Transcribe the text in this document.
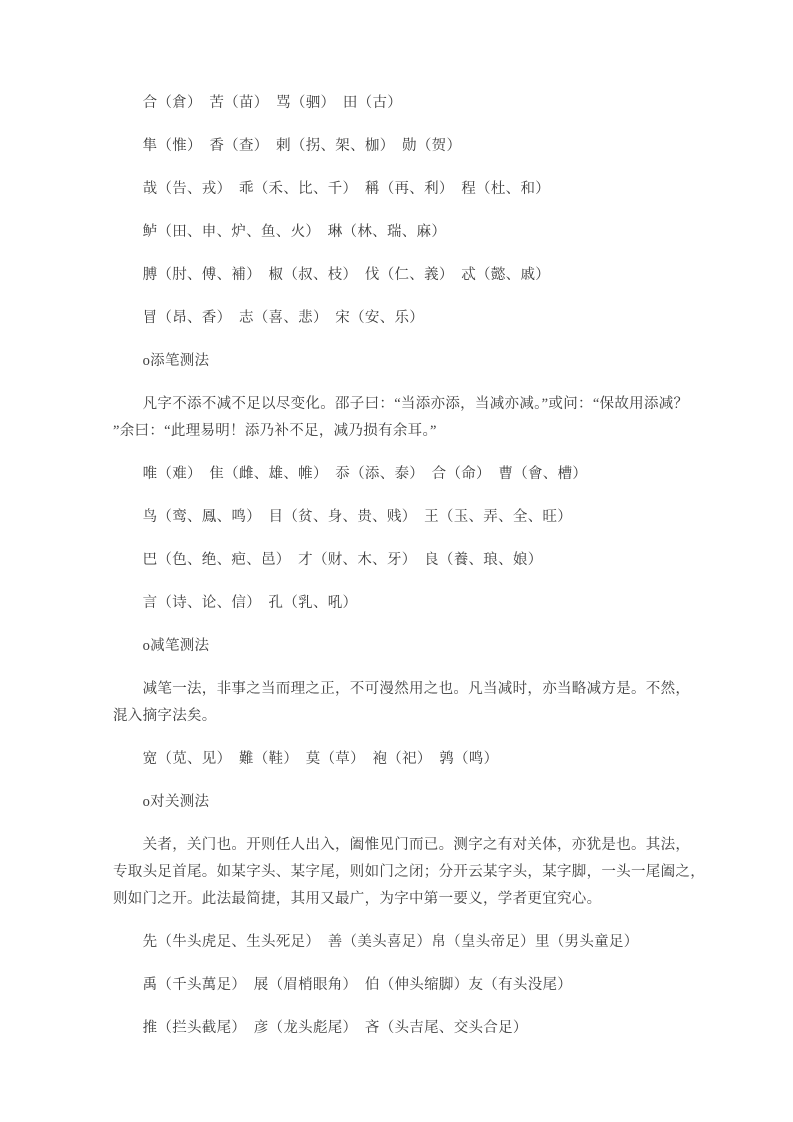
　　合（倉）　苦（苗）　骂（驷）　田（古）
　　隼（惟）　香（查）　剌（拐、架、枷）　勋（贺）
　　哉（告、戎）　乖（禾、比、千）　稱（再、利）　程（杜、和）
　　鲈（田、申、炉、鱼、火）　琳（林、瑞、麻）
　　膊（肘、傅、補）　椒（叔、枝）　伐（仁、義）　忒（懿、戚）
　　冒（昂、香）　志（喜、悲）　宋（安、乐）
　　o添笔测法
　　凡字不添不减不足以尽变化。邵子曰：“当添亦添，当减亦减。”或问：“保故用添减？
”余曰：“此理易明！添乃补不足，减乃损有余耳。”
　　唯（难）　隹（雌、雄、帷）　忝（添、泰）　合（命）　曹（會、槽）
　　鸟（鸾、鳳、鸣）　目（贫、身、贵、贱）　王（玉、弄、全、旺）
　　巴（色、绝、疤、邑）　才（财、木、牙）　良（養、琅、娘）
　　言（诗、论、信）　孔（乳、吼）
　　o减笔测法
　　减笔一法，非事之当而理之正，不可漫然用之也。凡当减时，亦当略减方是。不然，
混入摘字法矣。
　　宽（苋、见）　難（鞋）　莫（草）　袍（祀）　鹑（鸣）
　　o对关测法
　　关者，关门也。开则任人出入，阖惟见门而已。测字之有对关体，亦犹是也。其法，
专取头足首尾。如某字头、某字尾，则如门之闭；分开云某字头，某字脚，一头一尾阖之，
则如门之开。此法最简捷，其用又最广，为字中第一要义，学者更宜究心。
　　先（牛头虎足、生头死足）　善（美头喜足）帛（皇头帝足）里（男头童足）
　　禹（千头萬足）　展（眉梢眼角）　伯（伸头缩脚）友（有头没尾）
　　推（拦头截尾）　彦（龙头彪尾）　吝（头吉尾、交头合足）
